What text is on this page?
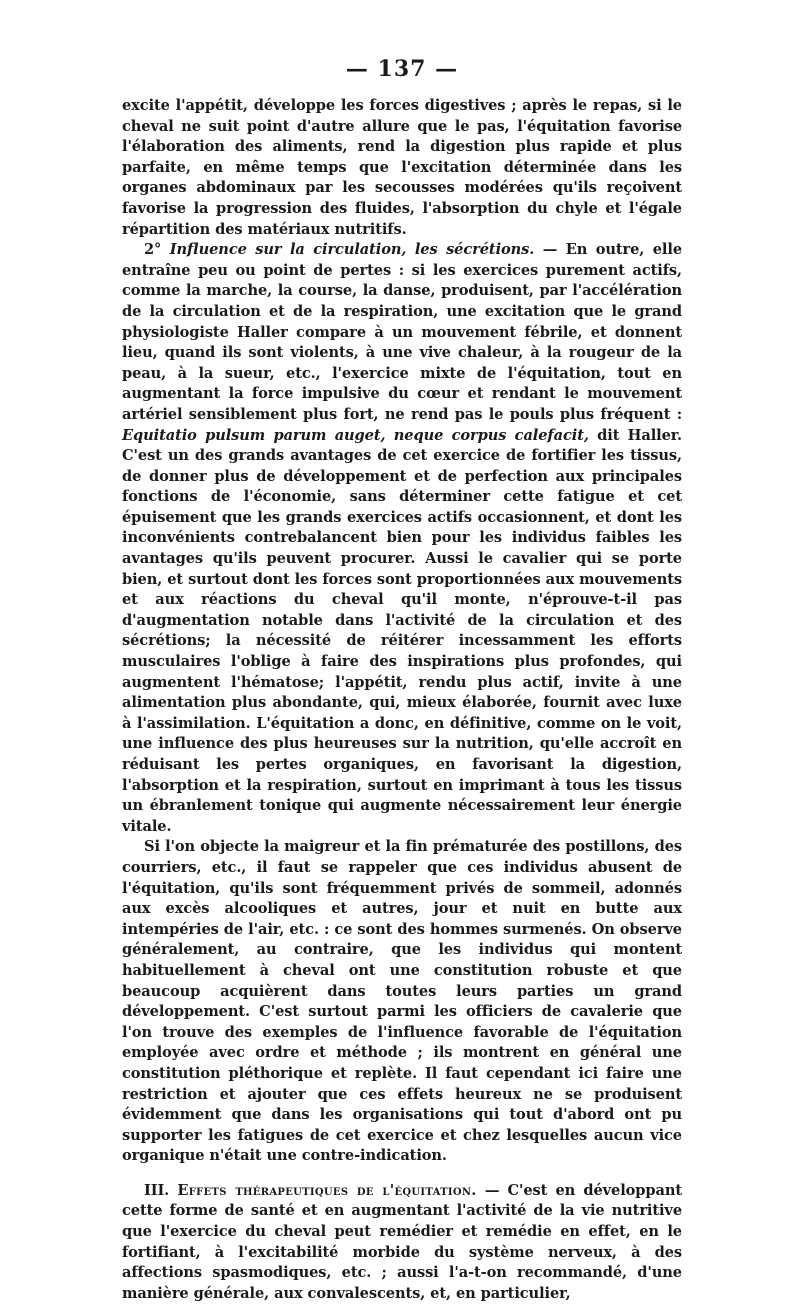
— 137 —

excite l'appétit, développe les forces digestives ; après le repas, si le cheval ne suit point d'autre allure que le pas, l'équitation favorise l'élaboration des aliments, rend la digestion plus rapide et plus parfaite, en même temps que l'excitation déterminée dans les organes abdominaux par les secousses modérées qu'ils reçoivent favorise la progression des fluides, l'absorption du chyle et l'égale répartition des matériaux nutritifs.

2° Influence sur la circulation, les sécrétions. — En outre, elle entraîne peu ou point de pertes : si les exercices purement actifs, comme la marche, la course, la danse, produisent, par l'accélération de la circulation et de la respiration, une excitation que le grand physiologiste Haller compare à un mouvement fébrile, et donnent lieu, quand ils sont violents, à une vive chaleur, à la rougeur de la peau, à la sueur, etc., l'exercice mixte de l'équitation, tout en augmentant la force impulsive du cœur et rendant le mouvement artériel sensiblement plus fort, ne rend pas le pouls plus fréquent : Equitatio pulsum parum auget, neque corpus calefacit, dit Haller. C'est un des grands avantages de cet exercice de fortifier les tissus, de donner plus de développement et de perfection aux principales fonctions de l'économie, sans déterminer cette fatigue et cet épuisement que les grands exercices actifs occasionnent, et dont les inconvénients contrebalancent bien pour les individus faibles les avantages qu'ils peuvent procurer. Aussi le cavalier qui se porte bien, et surtout dont les forces sont proportionnées aux mouvements et aux réactions du cheval qu'il monte, n'éprouve-t-il pas d'augmentation notable dans l'activité de la circulation et des sécrétions; la nécessité de réitérer incessamment les efforts musculaires l'oblige à faire des inspirations plus profondes, qui augmentent l'hématose; l'appétit, rendu plus actif, invite à une alimentation plus abondante, qui, mieux élaborée, fournit avec luxe à l'assimilation. L'équitation a donc, en définitive, comme on le voit, une influence des plus heureuses sur la nutrition, qu'elle accroît en réduisant les pertes organiques, en favorisant la digestion, l'absorption et la respiration, surtout en imprimant à tous les tissus un ébranlement tonique qui augmente nécessairement leur énergie vitale.

Si l'on objecte la maigreur et la fin prématurée des postillons, des courriers, etc., il faut se rappeler que ces individus abusent de l'équitation, qu'ils sont fréquemment privés de sommeil, adonnés aux excès alcooliques et autres, jour et nuit en butte aux intempéries de l'air, etc. : ce sont des hommes surmenés. On observe généralement, au contraire, que les individus qui montent habituellement à cheval ont une constitution robuste et que beaucoup acquièrent dans toutes leurs parties un grand développement. C'est surtout parmi les officiers de cavalerie que l'on trouve des exemples de l'influence favorable de l'équitation employée avec ordre et méthode ; ils montrent en général une constitution pléthorique et replète. Il faut cependant ici faire une restriction et ajouter que ces effets heureux ne se produisent évidemment que dans les organisations qui tout d'abord ont pu supporter les fatigues de cet exercice et chez lesquelles aucun vice organique n'était une contre-indication.

III. Effets thérapeutiques de l'équitation. — C'est en développant cette forme de santé et en augmentant l'activité de la vie nutritive que l'exercice du cheval peut remédier et remédie en effet, en le fortifiant, à l'excitabilité morbide du système nerveux, à des affections spasmodiques, etc. ; aussi l'a-t-on recommandé, d'une manière générale, aux convalescents, et, en particulier,
